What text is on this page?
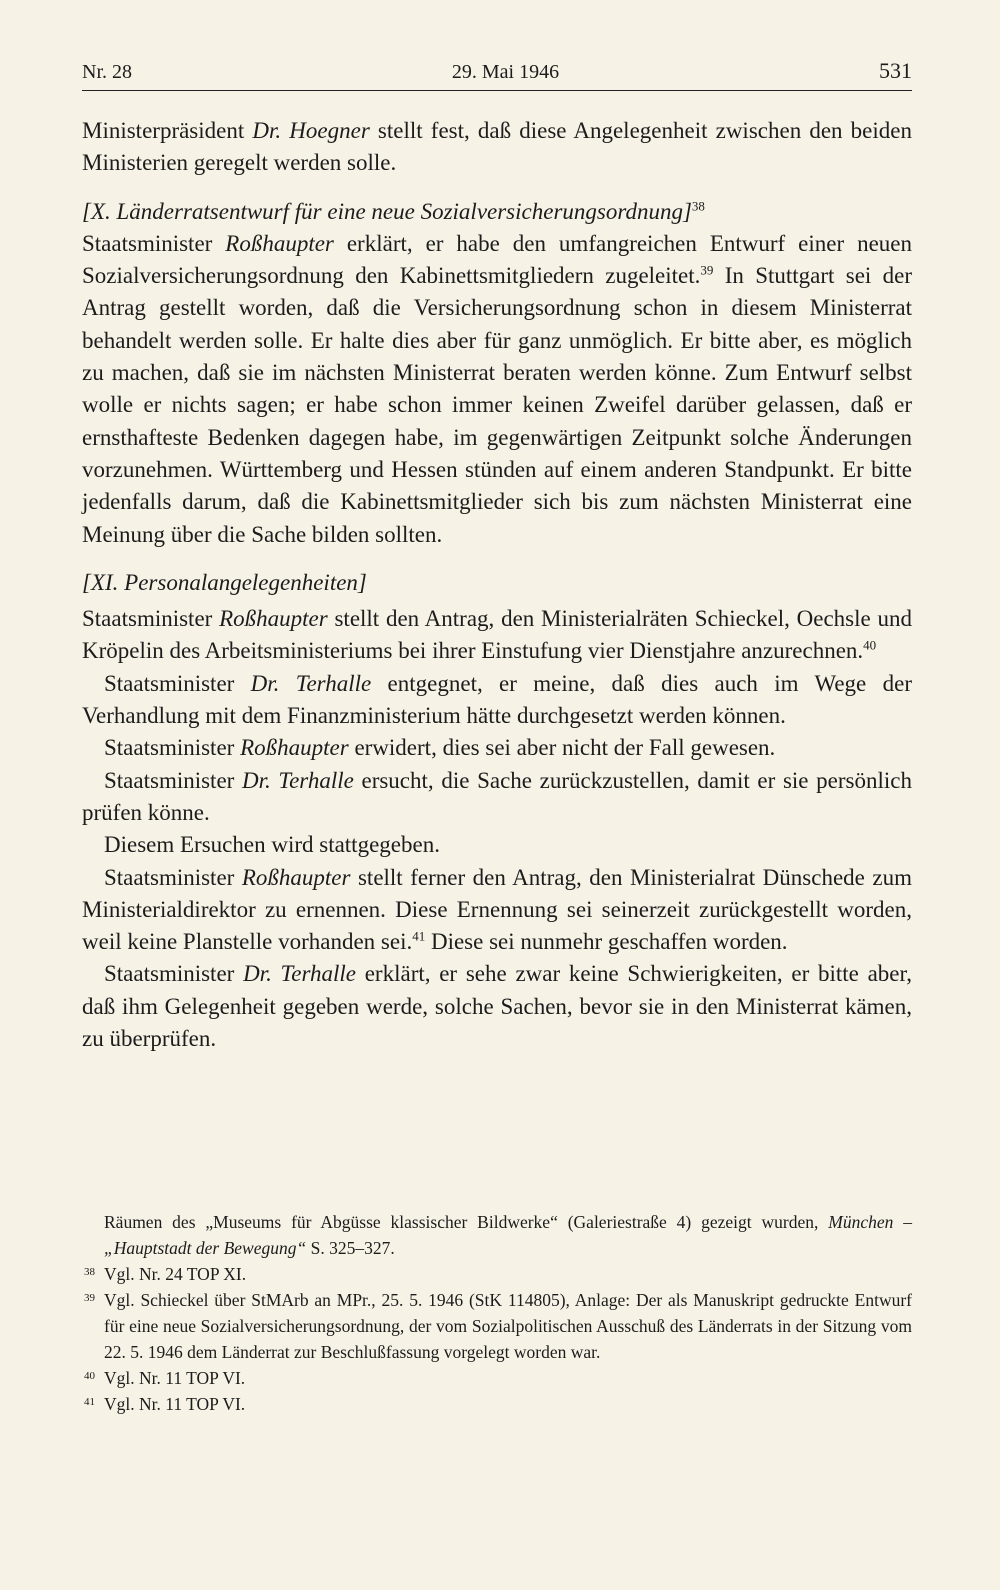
Nr. 28	29. Mai 1946	531

Ministerpräsident Dr. Hoegner stellt fest, daß diese Angelegenheit zwischen den beiden Ministerien geregelt werden solle.

[X. Länderratsentwurf für eine neue Sozialversicherungsordnung]$^{38}$

Staatsminister Roßhaupter erklärt, er habe den umfangreichen Entwurf einer neuen Sozialversicherungsordnung den Kabinettsmitgliedern zugeleitet.$^{39}$ In Stuttgart sei der Antrag gestellt worden, daß die Versicherungsordnung schon in diesem Ministerrat behandelt werden solle. Er halte dies aber für ganz unmöglich. Er bitte aber, es möglich zu machen, daß sie im nächsten Ministerrat beraten werden könne. Zum Entwurf selbst wolle er nichts sagen; er habe schon immer keinen Zweifel darüber gelassen, daß er ernsthafteste Bedenken dagegen habe, im gegenwärtigen Zeitpunkt solche Änderungen vorzunehmen. Württemberg und Hessen stünden auf einem anderen Standpunkt. Er bitte jedenfalls darum, daß die Kabinettsmitglieder sich bis zum nächsten Ministerrat eine Meinung über die Sache bilden sollten.

[XI. Personalangelegenheiten]

Staatsminister Roßhaupter stellt den Antrag, den Ministerialräten Schieckel, Oechsle und Kröpelin des Arbeitsministeriums bei ihrer Einstufung vier Dienstjahre anzurechnen.$^{40}$

Staatsminister Dr. Terhalle entgegnet, er meine, daß dies auch im Wege der Verhandlung mit dem Finanzministerium hätte durchgesetzt werden können.

Staatsminister Roßhaupter erwidert, dies sei aber nicht der Fall gewesen.

Staatsminister Dr. Terhalle ersucht, die Sache zurückzustellen, damit er sie persönlich prüfen könne.

Diesem Ersuchen wird stattgegeben.

Staatsminister Roßhaupter stellt ferner den Antrag, den Ministerialrat Dünschede zum Ministerialdirektor zu ernennen. Diese Ernennung sei seinerzeit zurückgestellt worden, weil keine Planstelle vorhanden sei.$^{41}$ Diese sei nunmehr geschaffen worden.

Staatsminister Dr. Terhalle erklärt, er sehe zwar keine Schwierigkeiten, er bitte aber, daß ihm Gelegenheit gegeben werde, solche Sachen, bevor sie in den Ministerrat kämen, zu überprüfen.

Räumen des „Museums für Abgüsse klassischer Bildwerke“ (Galeriestraße 4) gezeigt wurden, München – „Hauptstadt der Bewegung“ S. 325–327.

38 Vgl. Nr. 24 TOP XI.

39 Vgl. Schieckel über StMArb an MPr., 25. 5. 1946 (StK 114805), Anlage: Der als Manuskript gedruckte Entwurf für eine neue Sozialversicherungsordnung, der vom Sozialpolitischen Ausschuß des Länderrats in der Sitzung vom 22. 5. 1946 dem Länderrat zur Beschlußfassung vorgelegt worden war.

40 Vgl. Nr. 11 TOP VI.

41 Vgl. Nr. 11 TOP VI.
